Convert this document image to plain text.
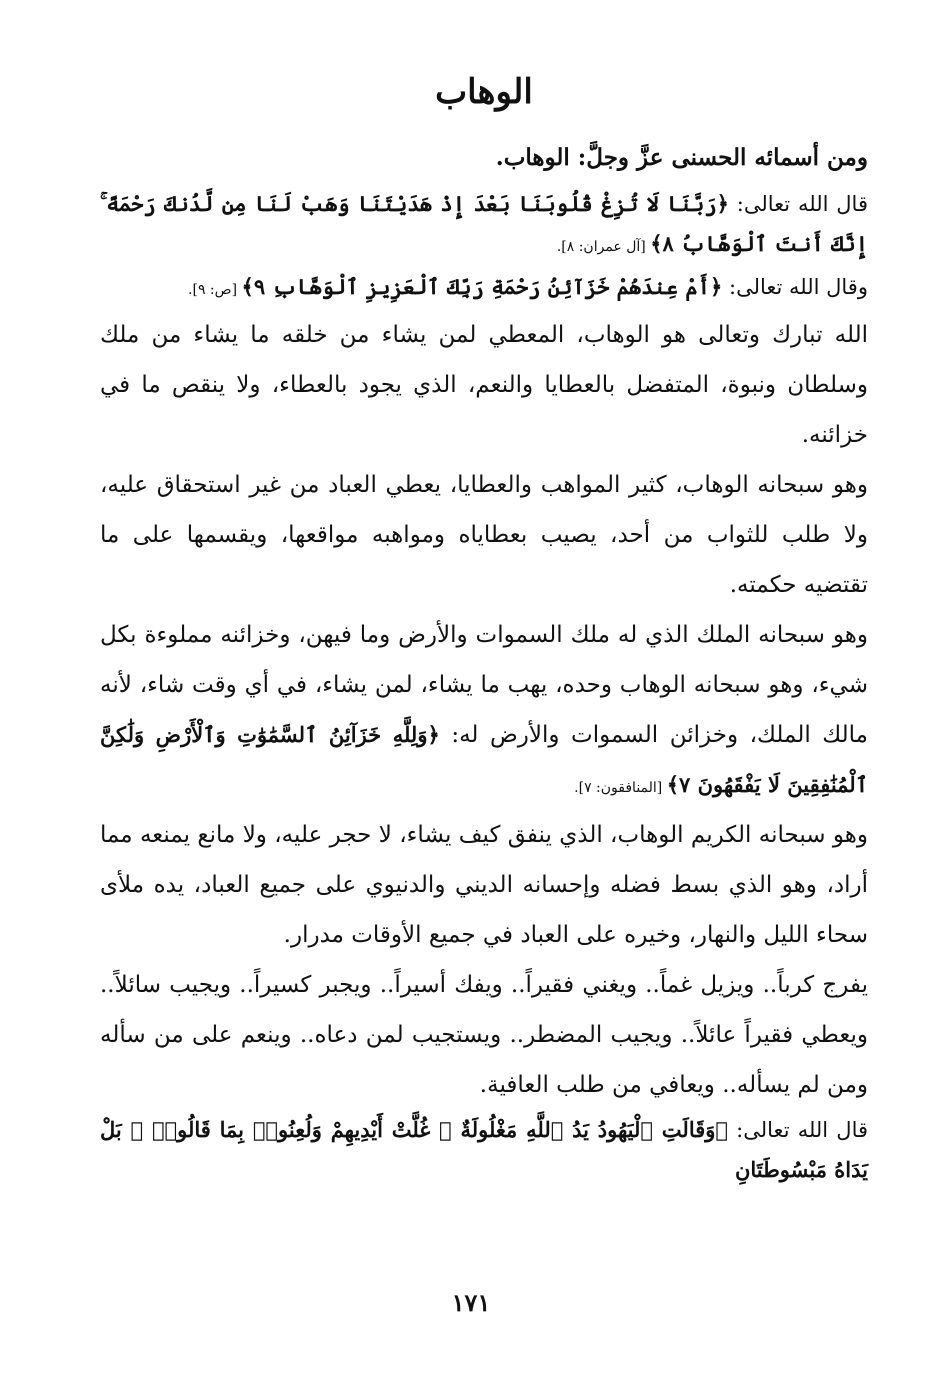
الوهاب

ومن أسمائه الحسنى عزَّ وجلَّ: الوهاب.

قال الله تعالى: ﴿رَبَّنَا لَا تُزِغْ قُلُوبَنَا بَعْدَ إِذْ هَدَيْتَنَا وَهَبْ لَنَا مِن لَّدُنكَ رَحْمَةً ۚ إِنَّكَ أَنتَ ٱلْوَهَّابُ ٨﴾ [آل عمران: ٨].

وقال الله تعالى: ﴿أَمْ عِندَهُمْ خَزَآئِنُ رَحْمَةِ رَبِّكَ ٱلْعَزِيزِ ٱلْوَهَّابِ ٩﴾ [ص: ٩].

الله تبارك وتعالى هو الوهاب، المعطي لمن يشاء من خلقه ما يشاء من ملك وسلطان ونبوة، المتفضل بالعطايا والنعم، الذي يجود بالعطاء، ولا ينقص ما في خزائنه.

وهو سبحانه الوهاب، كثير المواهب والعطايا، يعطي العباد من غير استحقاق عليه، ولا طلب للثواب من أحد، يصيب بعطاياه ومواهبه مواقعها، ويقسمها على ما تقتضيه حكمته.

وهو سبحانه الملك الذي له ملك السموات والأرض وما فيهن، وخزائنه مملوءة بكل شيء، وهو سبحانه الوهاب وحده، يهب ما يشاء، لمن يشاء، في أي وقت شاء، لأنه مالك الملك، وخزائن السموات والأرض له: ﴿وَلِلَّهِ خَزَآئِنُ ٱلسَّمَٰوَٰتِ وَٱلْأَرْضِ وَلَٰكِنَّ ٱلْمُنَٰفِقِينَ لَا يَفْقَهُونَ ٧﴾ [المنافقون: ٧].

وهو سبحانه الكريم الوهاب، الذي ينفق كيف يشاء، لا حجر عليه، ولا مانع يمنعه مما أراد، وهو الذي بسط فضله وإحسانه الديني والدنيوي على جميع العباد، يده ملأى سحاء الليل والنهار، وخيره على العباد في جميع الأوقات مدرار.

يفرج كرباً.. ويزيل غماً.. ويغني فقيراً.. ويفك أسيراً.. ويجبر كسيراً.. ويجيب سائلاً.. ويعطي فقيراً عائلاً.. ويجيب المضطر.. ويستجيب لمن دعاه.. وينعم على من سأله ومن لم يسأله.. ويعافي من طلب العافية.

قال الله تعالى: ﴿وَقَالَتِ ٱلْيَهُودُ يَدُ ٱللَّهِ مَغْلُولَةٌ ۚ غُلَّتْ أَيْدِيهِمْ وَلُعِنُوا۟ بِمَا قَالُوا۟ ۘ بَلْ يَدَاهُ مَبْسُوطَتَانِ

١٧١
